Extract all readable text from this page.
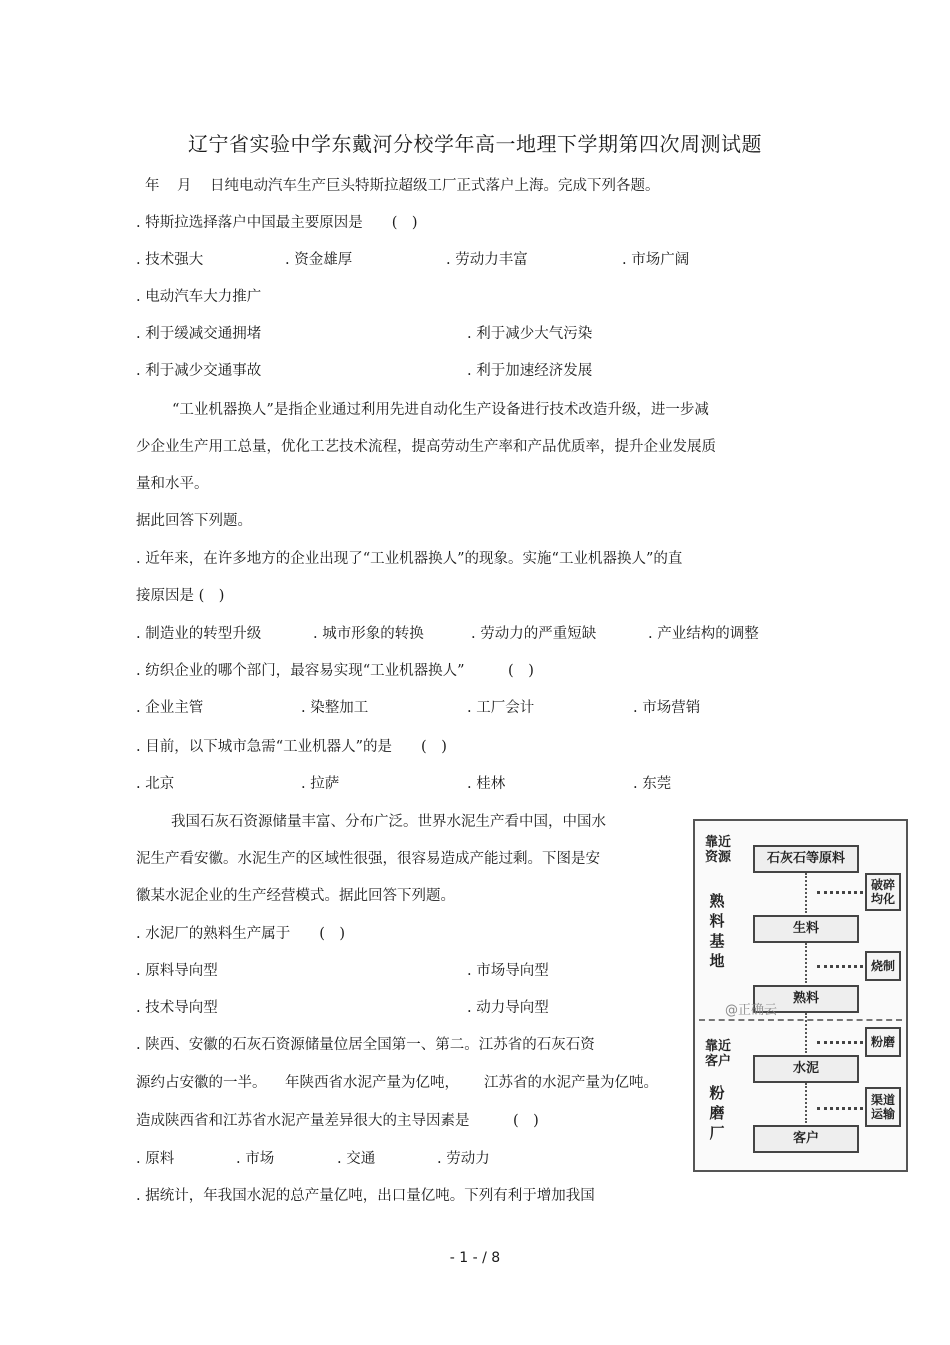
辽宁省实验中学东戴河分校学年高一地理下学期第四次周测试题
年 月 日纯电动汽车生产巨头特斯拉超级工厂正式落户上海。完成下列各题。
. 特斯拉选择落户中国最主要原因是　　(　)
. 技术强大	. 资金雄厚	. 劳动力丰富	. 市场广阔
. 电动汽车大力推广
. 利于缓减交通拥堵	. 利于减少大气污染
. 利于减少交通事故	. 利于加速经济发展
“工业机器换人”是指企业通过利用先进自动化生产设备进行技术改造升级，进一步减
少企业生产用工总量，优化工艺技术流程，提高劳动生产率和产品优质率，提升企业发展质
量和水平。
据此回答下列题。
. 近年来，在许多地方的企业出现了“工业机器换人”的现象。实施“工业机器换人”的直
接原因是 (　)
. 制造业的转型升级	. 城市形象的转换	. 劳动力的严重短缺	. 产业结构的调整
. 纺织企业的哪个部门，最容易实现“工业机器换人”　　　(　)
. 企业主管	. 染整加工	. 工厂会计	. 市场营销
. 目前，以下城市急需“工业机器人”的是　　(　)
. 北京	. 拉萨	. 桂林	. 东莞
我国石灰石资源储量丰富、分布广泛。世界水泥生产看中国，中国水
泥生产看安徽。水泥生产的区域性很强，很容易造成产能过剩。下图是安
徽某水泥企业的生产经营模式。据此回答下列题。
. 水泥厂的熟料生产属于　　(　)
. 原料导向型	. 市场导向型
. 技术导向型	. 动力导向型
. 陕西、安徽的石灰石资源储量位居全国第一、第二。江苏省的石灰石资
源约占安徽的一半。 年陕西省水泥产量为亿吨， 江苏省的水泥产量为亿吨。
造成陕西省和江苏省水泥产量差异很大的主导因素是　　　(　)
. 原料	. 市场	. 交通	. 劳动力
. 据统计，年我国水泥的总产量亿吨，出口量亿吨。下列有利于增加我国
靠近资源
熟料基地
靠近客户
粉磨厂
石灰石等原料
生料
熟料
水泥
客户
破碎均化
烧制
粉磨
渠道运输
@正确云
- 1 - / 8
